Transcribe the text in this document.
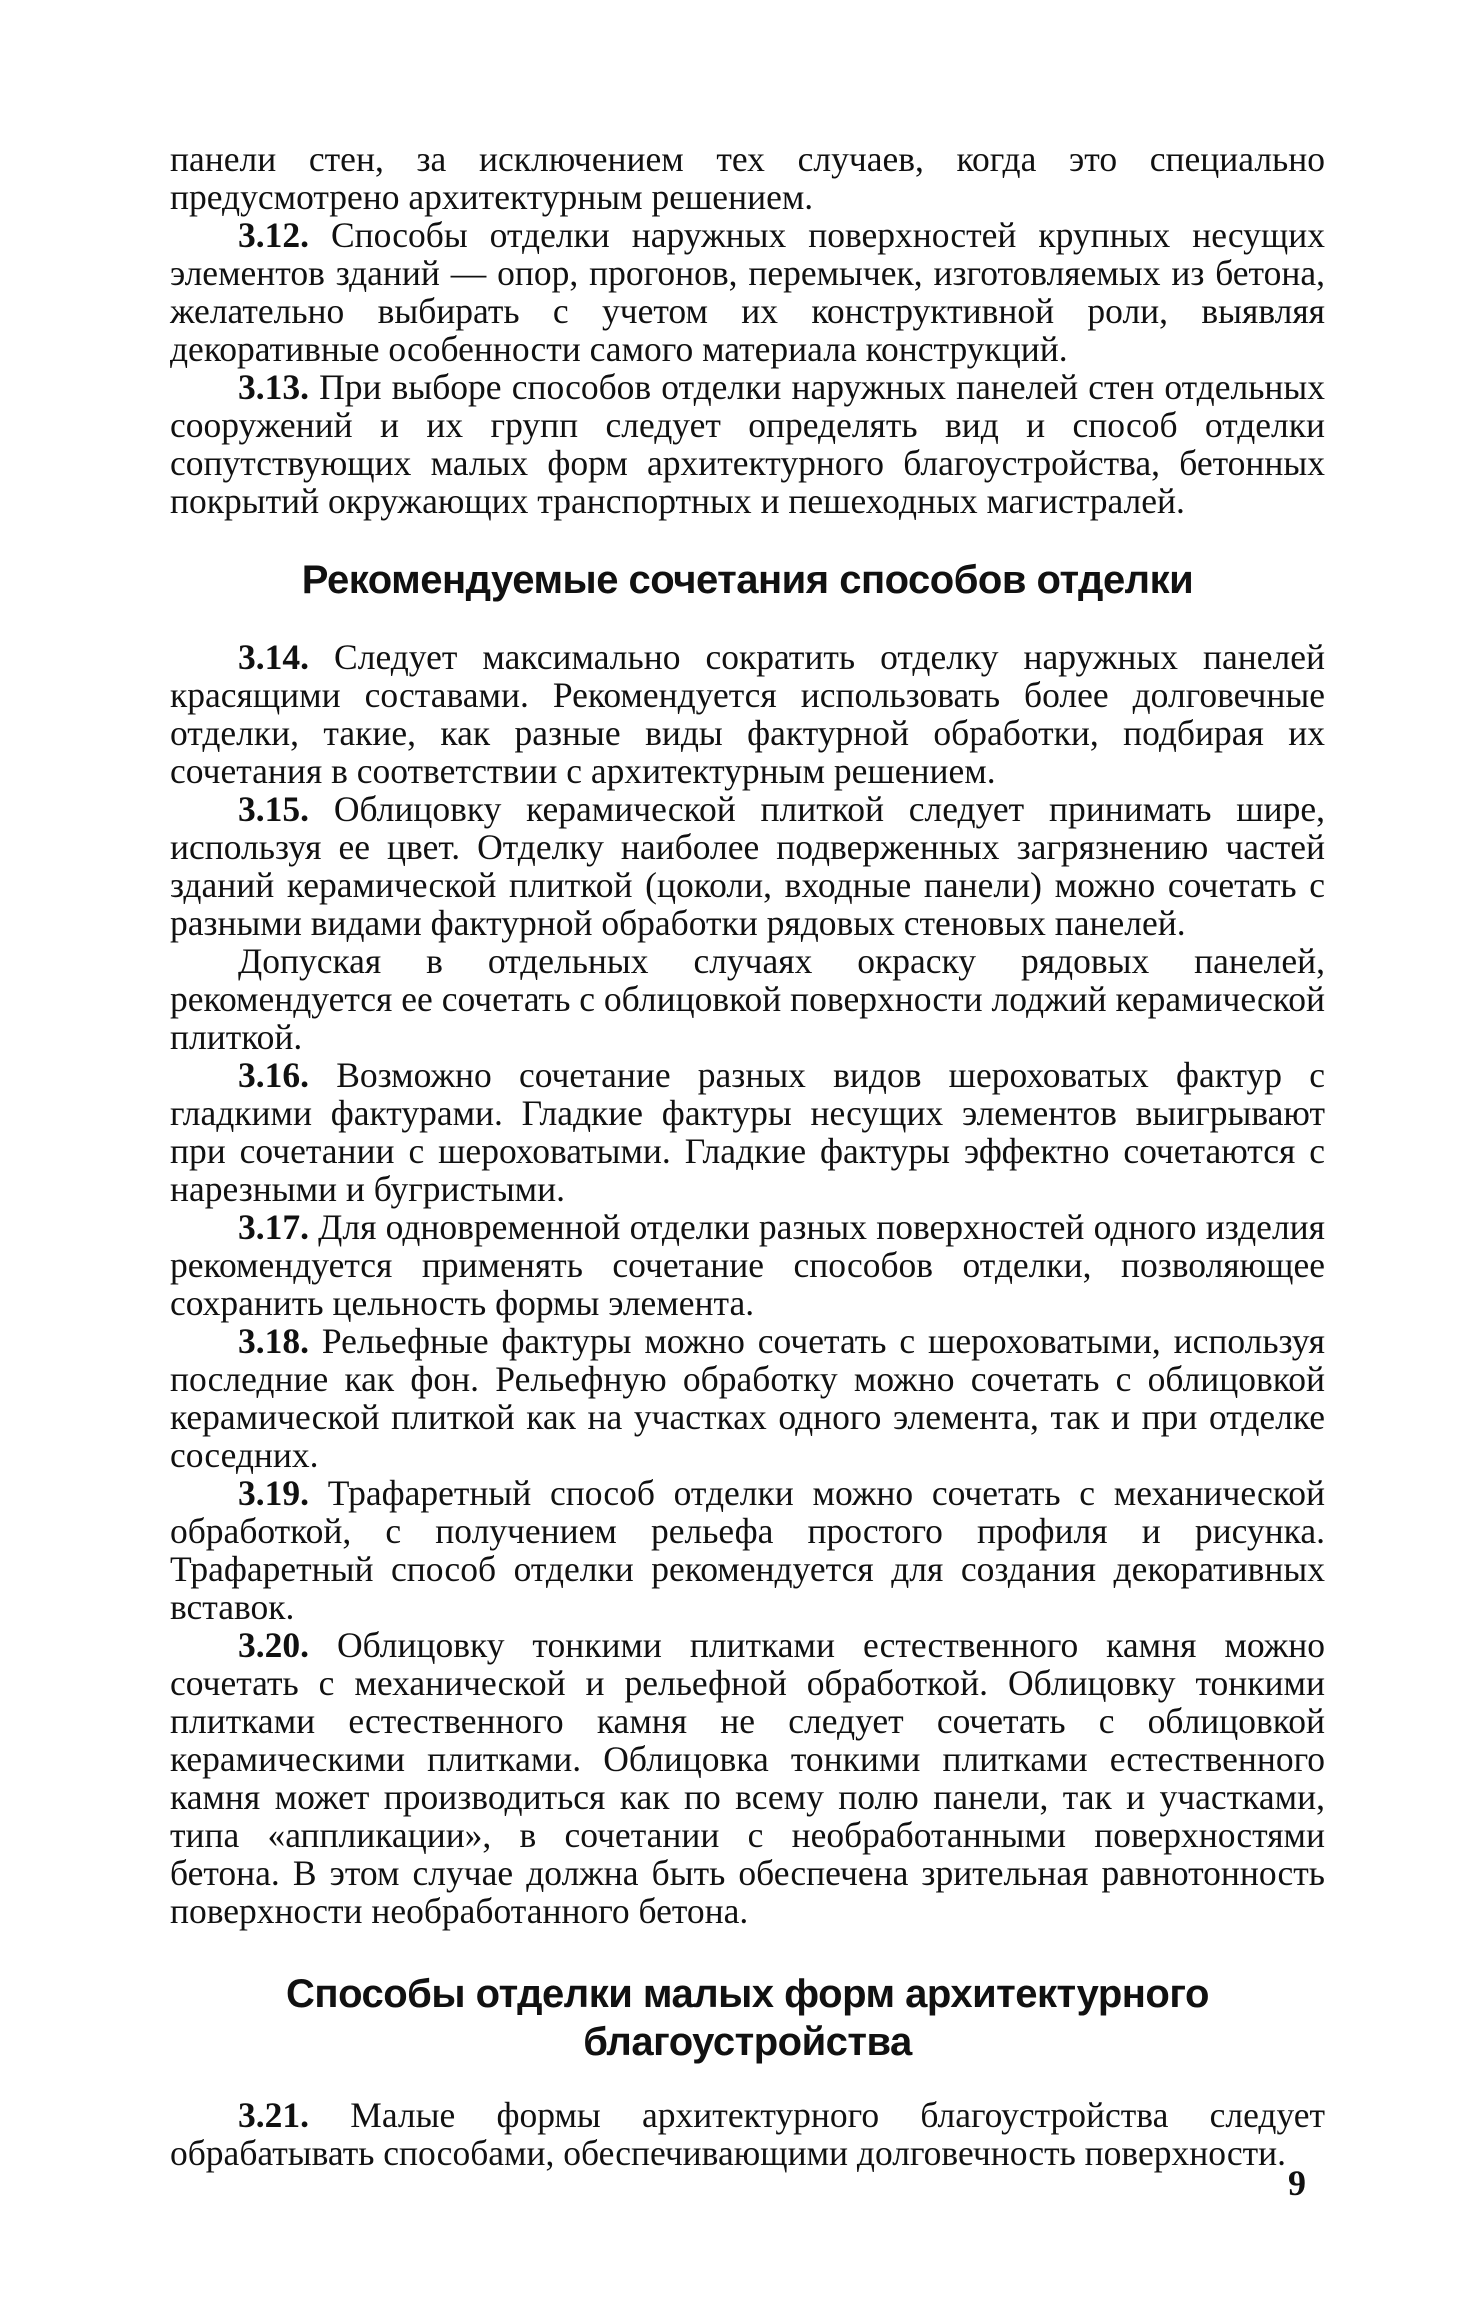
панели стен, за исключением тех случаев, когда это специально предусмотрено архитектурным решением.

3.12. Способы отделки наружных поверхностей крупных несущих элементов зданий — опор, прогонов, перемычек, изготовляемых из бетона, желательно выбирать с учетом их конструктивной роли, выявляя декоративные особенности самого материала конструкций.

3.13. При выборе способов отделки наружных панелей стен отдельных сооружений и их групп следует определять вид и способ отделки сопутствующих малых форм архитектурного благоустройства, бетонных покрытий окружающих транспортных и пешеходных магистралей.

Рекомендуемые сочетания способов отделки

3.14. Следует максимально сократить отделку наружных панелей красящими составами. Рекомендуется использовать более долговечные отделки, такие, как разные виды фактурной обработки, подбирая их сочетания в соответствии с архитектурным решением.

3.15. Облицовку керамической плиткой следует принимать шире, используя ее цвет. Отделку наиболее подверженных загрязнению частей зданий керамической плиткой (цоколи, входные панели) можно сочетать с разными видами фактурной обработки рядовых стеновых панелей.

Допуская в отдельных случаях окраску рядовых панелей, рекомендуется ее сочетать с облицовкой поверхности лоджий керамической плиткой.

3.16. Возможно сочетание разных видов шероховатых фактур с гладкими фактурами. Гладкие фактуры несущих элементов выигрывают при сочетании с шероховатыми. Гладкие фактуры эффектно сочетаются с нарезными и бугристыми.

3.17. Для одновременной отделки разных поверхностей одного изделия рекомендуется применять сочетание способов отделки, позволяющее сохранить цельность формы элемента.

3.18. Рельефные фактуры можно сочетать с шероховатыми, используя последние как фон. Рельефную обработку можно сочетать с облицовкой керамической плиткой как на участках одного элемента, так и при отделке соседних.

3.19. Трафаретный способ отделки можно сочетать с механической обработкой, с получением рельефа простого профиля и рисунка. Трафаретный способ отделки рекомендуется для создания декоративных вставок.

3.20. Облицовку тонкими плитками естественного камня можно сочетать с механической и рельефной обработкой. Облицовку тонкими плитками естественного камня не следует сочетать с облицовкой керамическими плитками. Облицовка тонкими плитками естественного камня может производиться как по всему полю панели, так и участками, типа «аппликации», в сочетании с необработанными поверхностями бетона. В этом случае должна быть обеспечена зрительная равнотонность поверхности необработанного бетона.

Способы отделки малых форм архитектурного благоустройства

3.21. Малые формы архитектурного благоустройства следует обрабатывать способами, обеспечивающими долговечность поверхности.

9
